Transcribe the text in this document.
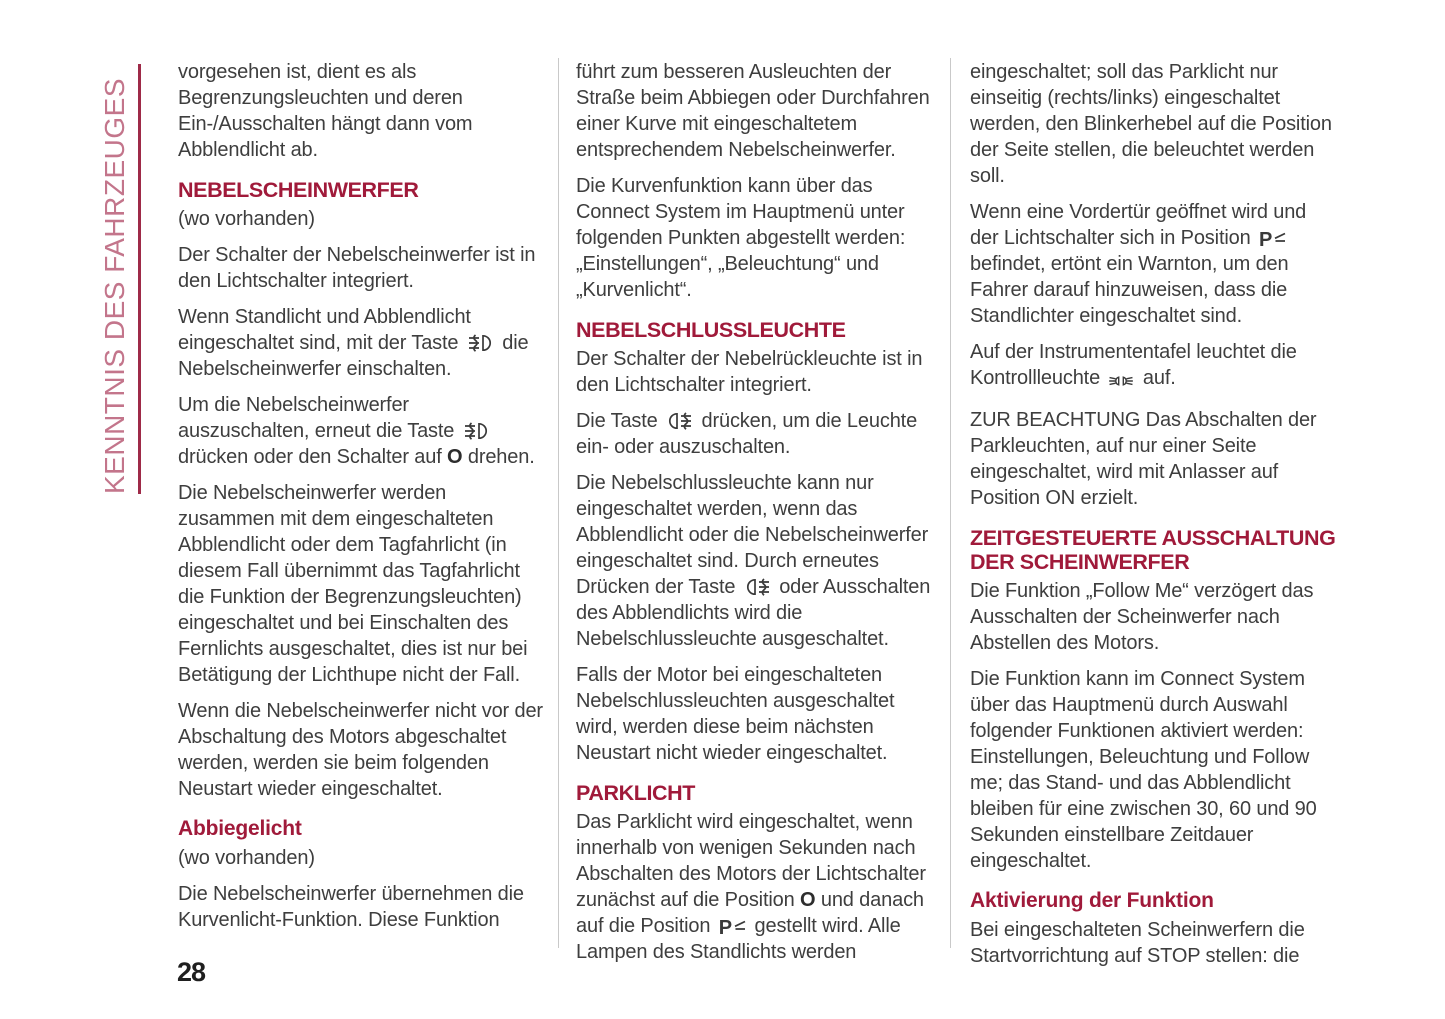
KENNTNIS DES FAHRZEUGES
vorgesehen ist, dient es als Begrenzungsleuchten und deren Ein-/Ausschalten hängt dann vom Abblendlicht ab.
NEBELSCHEINWERFER
(wo vorhanden)
Der Schalter der Nebelscheinwerfer ist in den Lichtschalter integriert.
Wenn Standlicht und Abblendlicht eingeschaltet sind, mit der Taste  die Nebelscheinwerfer einschalten.
Um die Nebelscheinwerfer auszuschalten, erneut die Taste  drücken oder den Schalter auf O drehen.
Die Nebelscheinwerfer werden zusammen mit dem eingeschalteten Abblendlicht oder dem Tagfahrlicht (in diesem Fall übernimmt das Tagfahrlicht die Funktion der Begrenzungsleuchten) eingeschaltet und bei Einschalten des Fernlichts ausgeschaltet, dies ist nur bei Betätigung der Lichthupe nicht der Fall.
Wenn die Nebelscheinwerfer nicht vor der Abschaltung des Motors abgeschaltet werden, werden sie beim folgenden Neustart wieder eingeschaltet.
Abbiegelicht
(wo vorhanden)
Die Nebelscheinwerfer übernehmen die Kurvenlicht-Funktion. Diese Funktion
führt zum besseren Ausleuchten der Straße beim Abbiegen oder Durchfahren einer Kurve mit eingeschaltetem entsprechendem Nebelscheinwerfer.
Die Kurvenfunktion kann über das Connect System im Hauptmenü unter folgenden Punkten abgestellt werden: „Einstellungen“, „Beleuchtung“ und „Kurvenlicht“.
NEBELSCHLUSSLEUCHTE
Der Schalter der Nebelrückleuchte ist in den Lichtschalter integriert.
Die Taste  drücken, um die Leuchte ein- oder auszuschalten.
Die Nebelschlussleuchte kann nur eingeschaltet werden, wenn das Abblendlicht oder die Nebelscheinwerfer eingeschaltet sind. Durch erneutes Drücken der Taste  oder Ausschalten des Abblendlichts wird die Nebelschlussleuchte ausgeschaltet.
Falls der Motor bei eingeschalteten Nebelschlussleuchten ausgeschaltet wird, werden diese beim nächsten Neustart nicht wieder eingeschaltet.
PARKLICHT
Das Parklicht wird eingeschaltet, wenn innerhalb von wenigen Sekunden nach Abschalten des Motors der Lichtschalter zunächst auf die Position O und danach auf die Position P gestellt wird. Alle Lampen des Standlichts werden
eingeschaltet; soll das Parklicht nur einseitig (rechts/links) eingeschaltet werden, den Blinkerhebel auf die Position der Seite stellen, die beleuchtet werden soll.
Wenn eine Vordertür geöffnet wird und der Lichtschalter sich in Position P
befindet, ertönt ein Warnton, um den Fahrer darauf hinzuweisen, dass die Standlichter eingeschaltet sind.
Auf der Instrumententafel leuchtet die Kontrollleuchte  auf.
ZUR BEACHTUNG Das Abschalten der Parkleuchten, auf nur einer Seite eingeschaltet, wird mit Anlasser auf Position ON erzielt.
ZEITGESTEUERTE AUSSCHALTUNG DER SCHEINWERFER
Die Funktion „Follow Me“ verzögert das Ausschalten der Scheinwerfer nach Abstellen des Motors.
Die Funktion kann im Connect System über das Hauptmenü durch Auswahl folgender Funktionen aktiviert werden: Einstellungen, Beleuchtung und Follow me; das Stand- und das Abblendlicht bleiben für eine zwischen 30, 60 und 90 Sekunden einstellbare Zeitdauer eingeschaltet.
Aktivierung der Funktion
Bei eingeschalteten Scheinwerfern die Startvorrichtung auf STOP stellen: die
28
